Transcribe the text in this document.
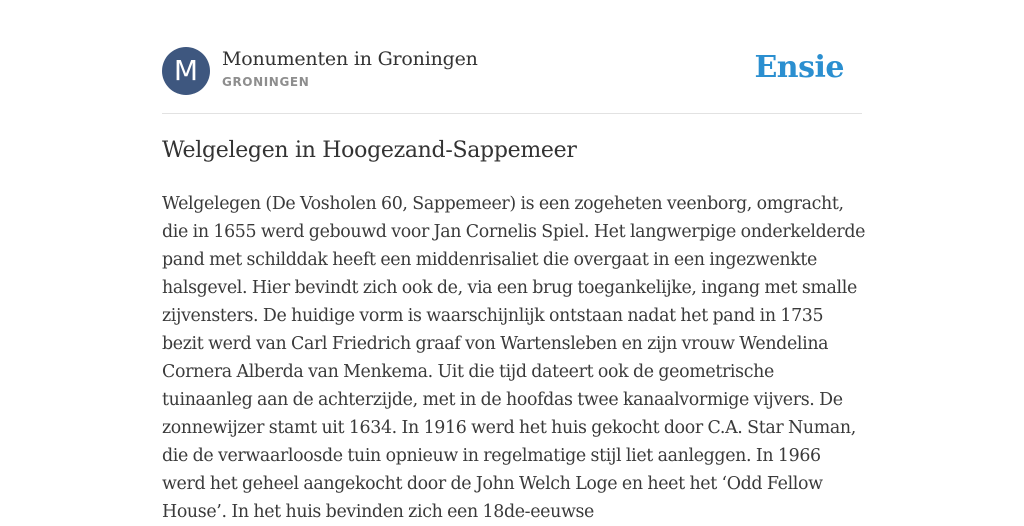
M	Monumenten in Groningen
GRONINGEN	Ensie
Welgelegen in Hoogezand-Sappemeer

Welgelegen (De Vosholen 60, Sappemeer) is een zogeheten veenborg, omgracht, die in 1655 werd gebouwd voor Jan Cornelis Spiel. Het langwerpige onderkelderde pand met schilddak heeft een middenrisaliet die overgaat in een ingezwenkte halsgevel. Hier bevindt zich ook de, via een brug toegankelijke, ingang met smalle zijvensters. De huidige vorm is waarschijnlijk ontstaan nadat het pand in 1735 bezit werd van Carl Friedrich graaf von Wartensleben en zijn vrouw Wendelina Cornera Alberda van Menkema. Uit die tijd dateert ook de geometrische tuinaanleg aan de achterzijde, met in de hoofdas twee kanaalvormige vijvers. De zonnewijzer stamt uit 1634. In 1916 werd het huis gekocht door C.A. Star Numan, die de verwaarloosde tuin opnieuw in regelmatige stijl liet aanleggen. In 1966 werd het geheel aangekocht door de John Welch Loge en heet het ‘Odd Fellow House’. In het huis bevinden zich een 18de-eeuwse
